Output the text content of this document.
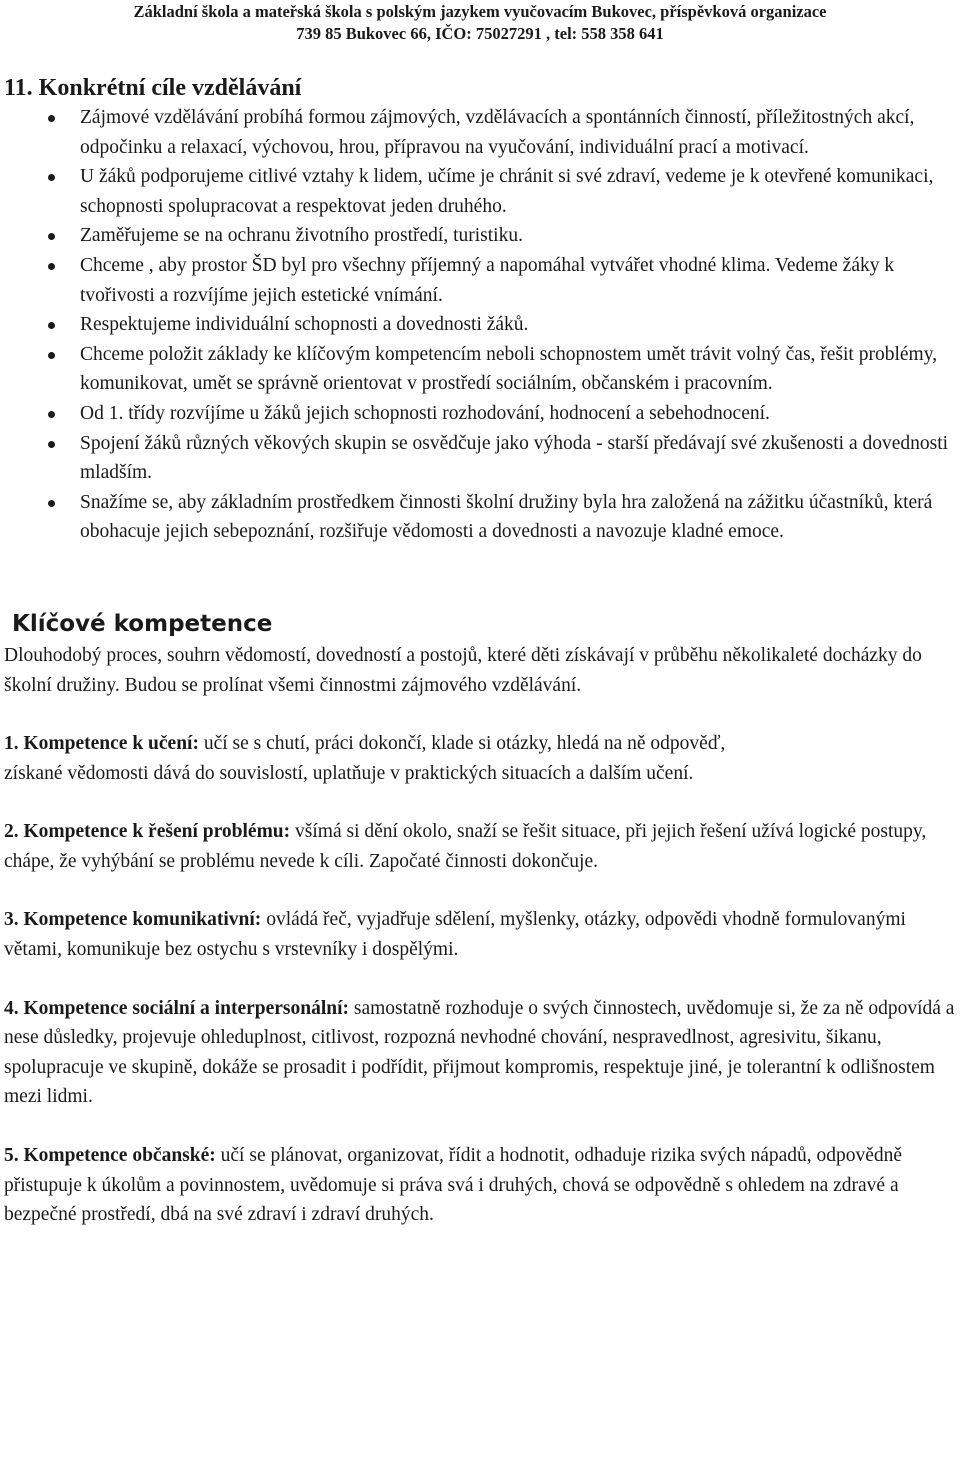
Základní škola a mateřská škola s polským jazykem vyučovacím Bukovec, příspěvková organizace
739 85 Bukovec 66, IČO: 75027291 , tel: 558 358 641
11. Konkrétní cíle vzdělávání
Zájmové vzdělávání probíhá formou zájmových, vzdělávacích a spontánních činností, příležitostných akcí, odpočinku a relaxací, výchovou, hrou, přípravou na vyučování, individuální prací a motivací.
U žáků podporujeme citlivé vztahy k lidem, učíme je chránit si své zdraví, vedeme je k otevřené komunikaci, schopnosti spolupracovat a respektovat jeden druhého.
Zaměřujeme se na ochranu životního prostředí, turistiku.
Chceme , aby prostor ŠD byl pro všechny příjemný a napomáhal vytvářet vhodné klima. Vedeme žáky k tvořivosti a rozvíjíme jejich estetické vnímání.
Respektujeme individuální schopnosti a dovednosti žáků.
Chceme položit základy ke klíčovým kompetencím neboli schopnostem umět trávit volný čas, řešit problémy, komunikovat, umět se správně orientovat v prostředí sociálním, občanském i pracovním.
Od 1. třídy rozvíjíme u žáků jejich schopnosti rozhodování, hodnocení a sebehodnocení.
Spojení žáků různých věkových skupin se osvědčuje jako výhoda - starší předávají své zkušenosti a dovednosti mladším.
Snažíme se, aby základním prostředkem činnosti školní družiny byla hra založená na zážitku účastníků, která obohacuje jejich sebepoznání, rozšiřuje vědomosti a dovednosti a navozuje kladné emoce.
Klíčové kompetence

Dlouhodobý proces, souhrn vědomostí, dovedností a postojů, které děti získávají v průběhu několikaleté docházky do školní družiny. Budou se prolínat všemi činnostmi zájmového vzdělávání.

1. Kompetence k učení: učí se s chutí, práci dokončí, klade si otázky, hledá na ně odpověď,
získané vědomosti dává do souvislostí, uplatňuje v praktických situacích a dalším učení.

2. Kompetence k řešení problému: všímá si dění okolo, snaží se řešit situace, při jejich řešení užívá logické postupy, chápe, že vyhýbání se problému nevede k cíli. Započaté činnosti dokončuje.

3. Kompetence komunikativní: ovládá řeč, vyjadřuje sdělení, myšlenky, otázky, odpovědi vhodně formulovanými větami, komunikuje bez ostychu s vrstevníky i dospělými.

4. Kompetence sociální a interpersonální: samostatně rozhoduje o svých činnostech, uvědomuje si, že za ně odpovídá a nese důsledky, projevuje ohleduplnost, citlivost, rozpozná nevhodné chování, nespravedlnost, agresivitu, šikanu, spolupracuje ve skupině, dokáže se prosadit i podřídit, přijmout kompromis, respektuje jiné, je tolerantní k odlišnostem mezi lidmi.

5. Kompetence občanské: učí se plánovat, organizovat, řídit a hodnotit, odhaduje rizika svých nápadů, odpovědně přistupuje k úkolům a povinnostem, uvědomuje si práva svá i druhých, chová se odpovědně s ohledem na zdravé a bezpečné prostředí, dbá na své zdraví i zdraví druhých.
